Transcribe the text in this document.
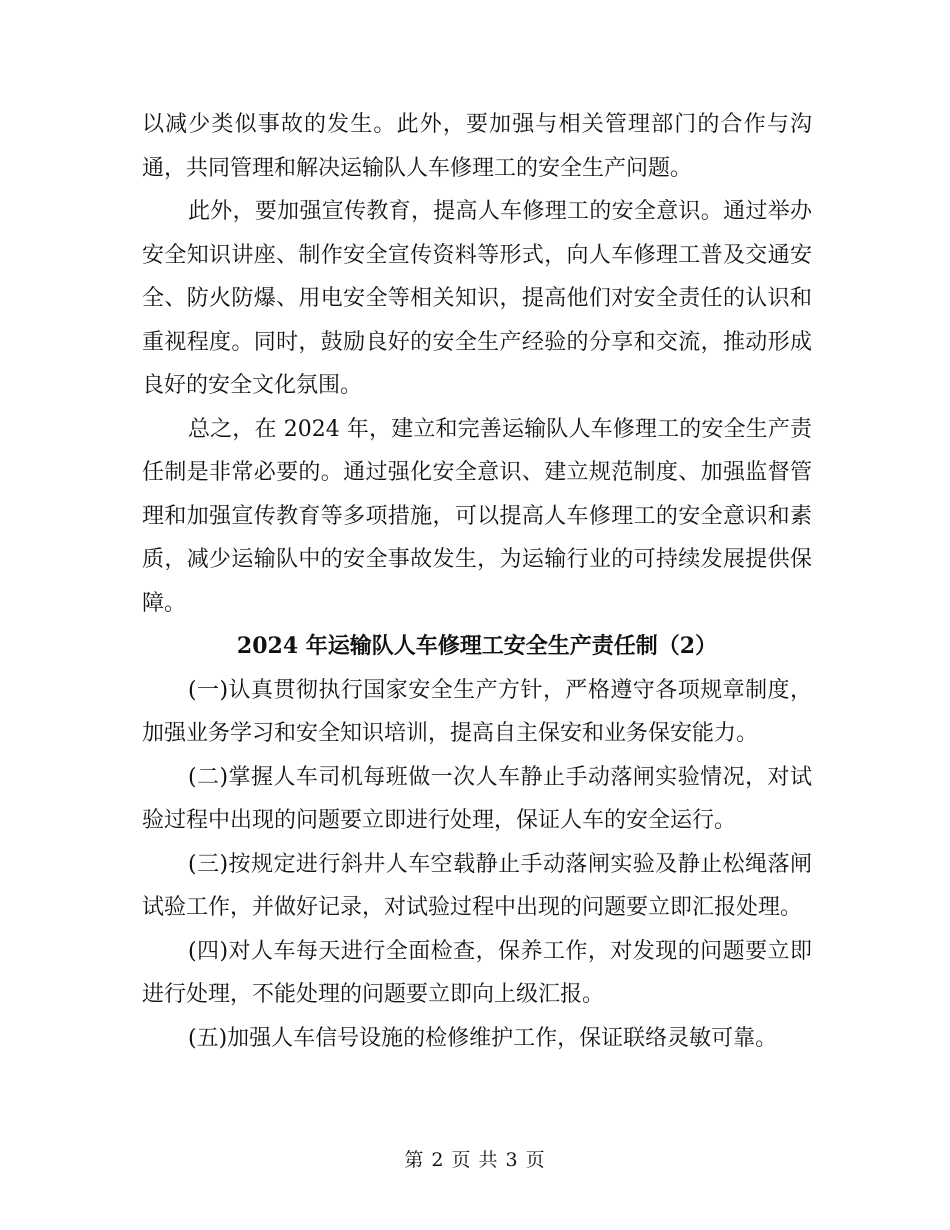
以减少类似事故的发生。此外，要加强与相关管理部门的合作与沟通，共同管理和解决运输队人车修理工的安全生产问题。

此外，要加强宣传教育，提高人车修理工的安全意识。通过举办安全知识讲座、制作安全宣传资料等形式，向人车修理工普及交通安全、防火防爆、用电安全等相关知识，提高他们对安全责任的认识和重视程度。同时，鼓励良好的安全生产经验的分享和交流，推动形成良好的安全文化氛围。

总之，在 2024 年，建立和完善运输队人车修理工的安全生产责任制是非常必要的。通过强化安全意识、建立规范制度、加强监督管理和加强宣传教育等多项措施，可以提高人车修理工的安全意识和素质，减少运输队中的安全事故发生，为运输行业的可持续发展提供保障。

2024 年运输队人车修理工安全生产责任制（2）

(一)认真贯彻执行国家安全生产方针，严格遵守各项规章制度，加强业务学习和安全知识培训，提高自主保安和业务保安能力。

(二)掌握人车司机每班做一次人车静止手动落闸实验情况，对试验过程中出现的问题要立即进行处理，保证人车的安全运行。

(三)按规定进行斜井人车空载静止手动落闸实验及静止松绳落闸试验工作，并做好记录，对试验过程中出现的问题要立即汇报处理。

(四)对人车每天进行全面检查，保养工作，对发现的问题要立即进行处理，不能处理的问题要立即向上级汇报。

(五)加强人车信号设施的检修维护工作，保证联络灵敏可靠。

第 2 页 共 3 页
